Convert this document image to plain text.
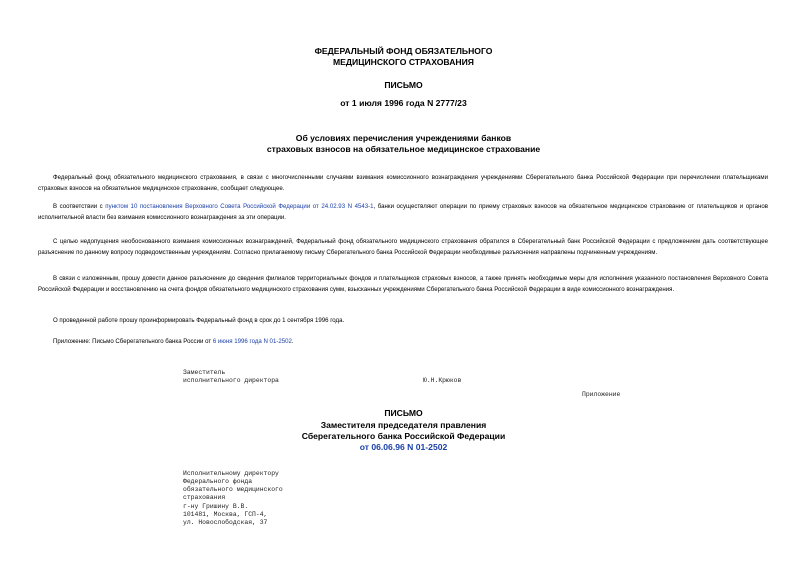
ФЕДЕРАЛЬНЫЙ ФОНД ОБЯЗАТЕЛЬНОГО
МЕДИЦИНСКОГО СТРАХОВАНИЯ
ПИСЬМО
от 1 июля 1996 года N 2777/23
Об условиях перечисления учреждениями банков
страховых взносов на обязательное медицинское страхование
Федеральный фонд обязательного медицинского страхования, в связи с многочисленными случаями взимания комиссионного вознаграждения учреждениями Сберегательного банка Российской Федерации при перечислении плательщиками страховых взносов на обязательное медицинское страхование, сообщает следующее.
В соответствии с пунктом 10 постановления Верховного Совета Российской Федерации от 24.02.93 N 4543-1, банки осуществляют операции по приему страховых взносов на обязательное медицинское страхование от плательщиков и органов исполнительной власти без взимания комиссионного вознаграждения за эти операции.
С целью недопущения необоснованного взимания комиссионных вознаграждений, Федеральный фонд обязательного медицинского страхования обратился в Сберегательный банк Российской Федерации с предложением дать соответствующее разъяснение по данному вопросу подведомственным учреждениям. Согласно прилагаемому письму Сберегательного банка Российской Федерации необходимые разъяснения направлены подчиненным учреждениям.
В связи с изложенным, прошу довести данное разъяснение до сведения филиалов территориальных фондов и плательщиков страховых взносов, а также принять необходимые меры для исполнения указанного постановления Верховного Совета Российской Федерации и восстановлению на счета фондов обязательного медицинского страхования сумм, взысканных учреждениями Сберегательного банка Российской Федерации в виде комиссионного вознаграждения.
О проведенной работе прошу проинформировать Федеральный фонд в срок до 1 сентября 1996 года.
Приложение: Письмо Сберегательного банка России от 6 июня 1996 года N 01-2502.
Заместитель
исполнительного директора	Ю.Н.Крюков
Приложение
ПИСЬМО
Заместителя председателя правления
Сберегательного банка Российской Федерации
от 06.06.96 N 01-2502
Исполнительному директору
Федерального фонда
обязательного медицинского
страхования
г-ну Гришину В.В.
101481, Москва, ГСП-4,
ул. Новослободская, 37
